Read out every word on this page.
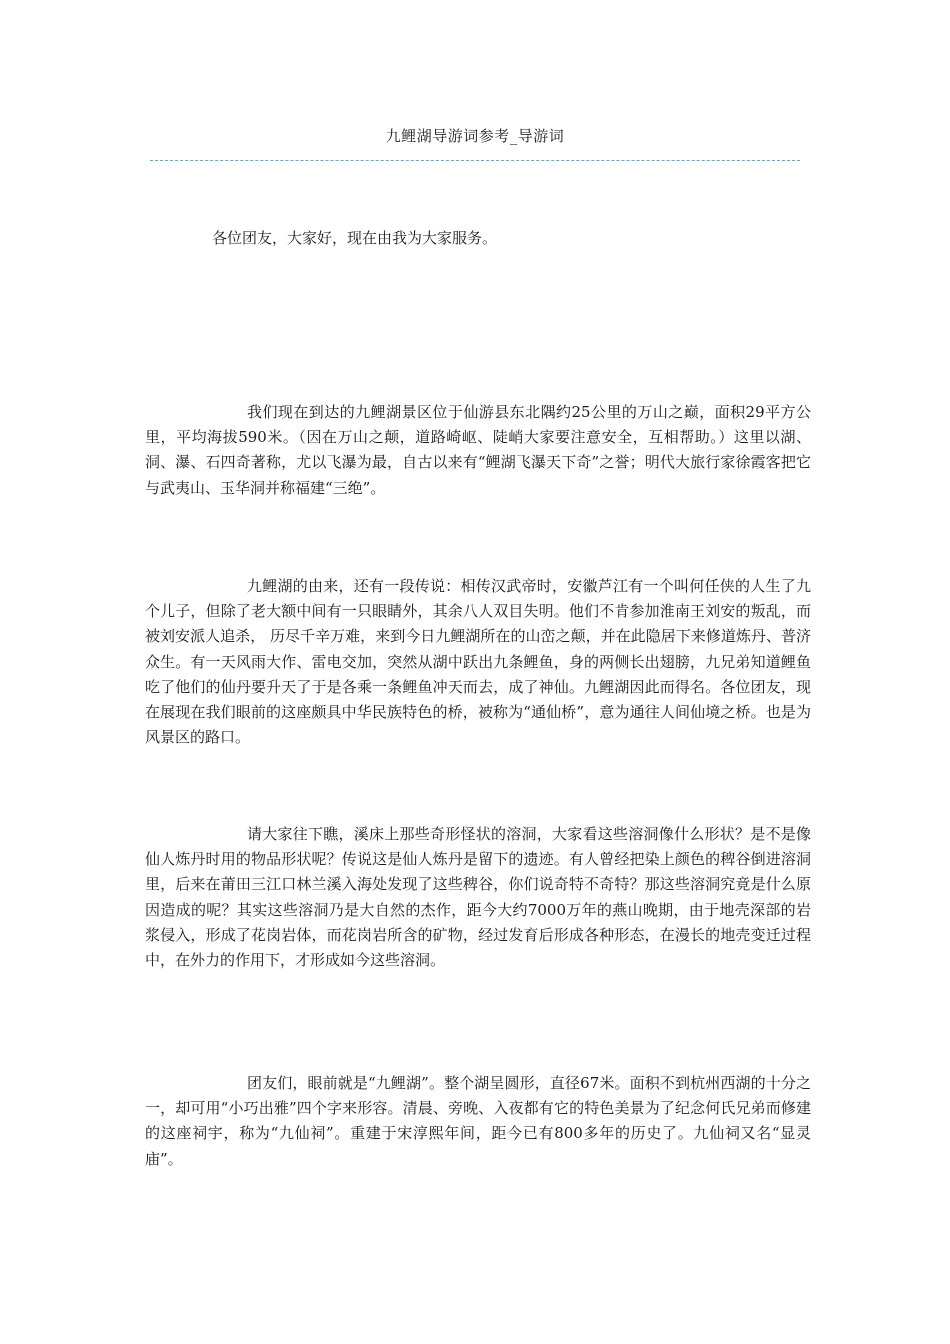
九鲤湖导游词参考_导游词
各位团友，大家好，现在由我为大家服务。

我们现在到达的九鲤湖景区位于仙游县东北隅约25公里的万山之巅，面积29平方公里，平均海拔590米。（因在万山之颠，道路崎岖、陡峭大家要注意安全，互相帮助。）这里以湖、洞、瀑、石四奇著称，尤以飞瀑为最，自古以来有“鲤湖飞瀑天下奇”之誉；明代大旅行家徐霞客把它与武夷山、玉华洞并称福建“三绝”。

九鲤湖的由来，还有一段传说：相传汉武帝时，安徽芦江有一个叫何任侠的人生了九个儿子，但除了老大额中间有一只眼睛外，其余八人双目失明。他们不肯参加淮南王刘安的叛乱，而被刘安派人追杀， 历尽千辛万难，来到今日九鲤湖所在的山峦之颠，并在此隐居下来修道炼丹、普济众生。有一天风雨大作、雷电交加，突然从湖中跃出九条鲤鱼，身的两侧长出翅膀，九兄弟知道鲤鱼吃了他们的仙丹要升天了于是各乘一条鲤鱼冲天而去，成了神仙。九鲤湖因此而得名。各位团友，现在展现在我们眼前的这座颇具中华民族特色的桥，被称为“通仙桥”，意为通往人间仙境之桥。也是为风景区的路口。

请大家往下瞧，溪床上那些奇形怪状的溶洞，大家看这些溶洞像什么形状？是不是像仙人炼丹时用的物品形状呢？传说这是仙人炼丹是留下的遗迹。有人曾经把染上颜色的稗谷倒进溶洞里，后来在莆田三江口林兰溪入海处发现了这些稗谷，你们说奇特不奇特？那这些溶洞究竟是什么原因造成的呢？其实这些溶洞乃是大自然的杰作，距今大约7000万年的燕山晚期，由于地壳深部的岩浆侵入，形成了花岗岩体，而花岗岩所含的矿物，经过发育后形成各种形态，在漫长的地壳变迁过程中，在外力的作用下，才形成如今这些溶洞。

团友们，眼前就是“九鲤湖”。整个湖呈圆形，直径67米。面积不到杭州西湖的十分之一，却可用“小巧出雅”四个字来形容。清晨、旁晚、入夜都有它的特色美景为了纪念何氏兄弟而修建的这座祠宇，称为“九仙祠”。重建于宋淳熙年间，距今已有800多年的历史了。九仙祠又名“显灵庙”。
